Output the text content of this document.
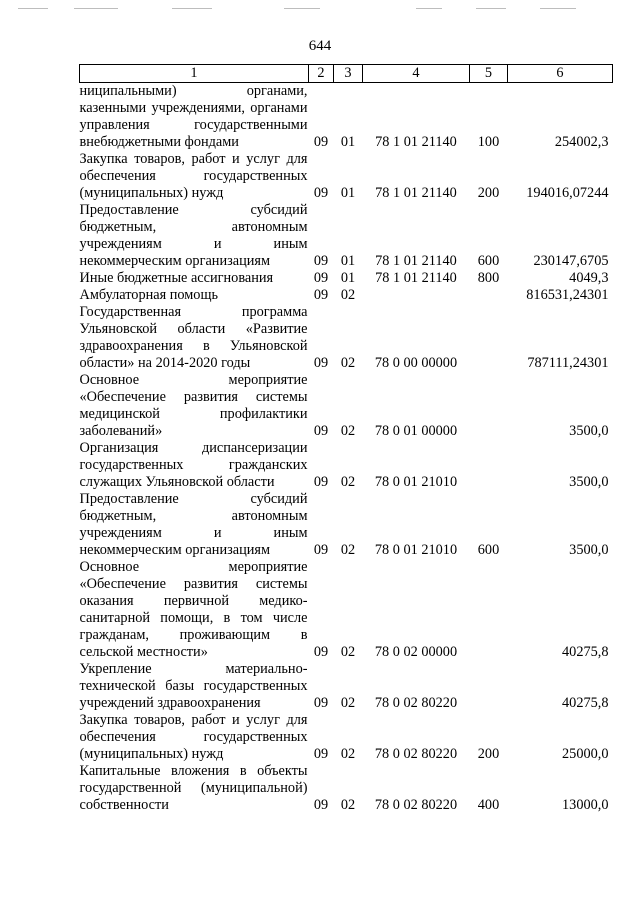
644
1	2	3	4	5	6
ниципальными) органами, казенными учреждениями, органами управления государственными внебюджетными фондами	09	01	78 1 01 21140	100	254002,3
Закупка товаров, работ и услуг для обеспечения государственных (муниципальных) нужд	09	01	78 1 01 21140	200	194016,07244
Предоставление субсидий бюджетным, автономным учреждениям и иным некоммерческим организациям	09	01	78 1 01 21140	600	230147,6705
Иные бюджетные ассигнования	09	01	78 1 01 21140	800	4049,3
Амбулаторная помощь	09	02			816531,24301
Государственная программа Ульяновской области «Развитие здравоохранения в Ульяновской области» на 2014-2020 годы	09	02	78 0 00 00000		787111,24301
Основное мероприятие «Обеспечение развития системы медицинской профилактики заболеваний»	09	02	78 0 01 00000		3500,0
Организация диспансеризации государственных гражданских служащих Ульяновской области	09	02	78 0 01 21010		3500,0
Предоставление субсидий бюджетным, автономным учреждениям и иным некоммерческим организациям	09	02	78 0 01 21010	600	3500,0
Основное мероприятие «Обеспечение развития системы оказания первичной медико-санитарной помощи, в том числе гражданам, проживающим в сельской местности»	09	02	78 0 02 00000		40275,8
Укрепление материально-технической базы государственных учреждений здравоохранения	09	02	78 0 02 80220		40275,8
Закупка товаров, работ и услуг для обеспечения государственных (муниципальных) нужд	09	02	78 0 02 80220	200	25000,0
Капитальные вложения в объекты государственной (муниципальной) собственности	09	02	78 0 02 80220	400	13000,0
